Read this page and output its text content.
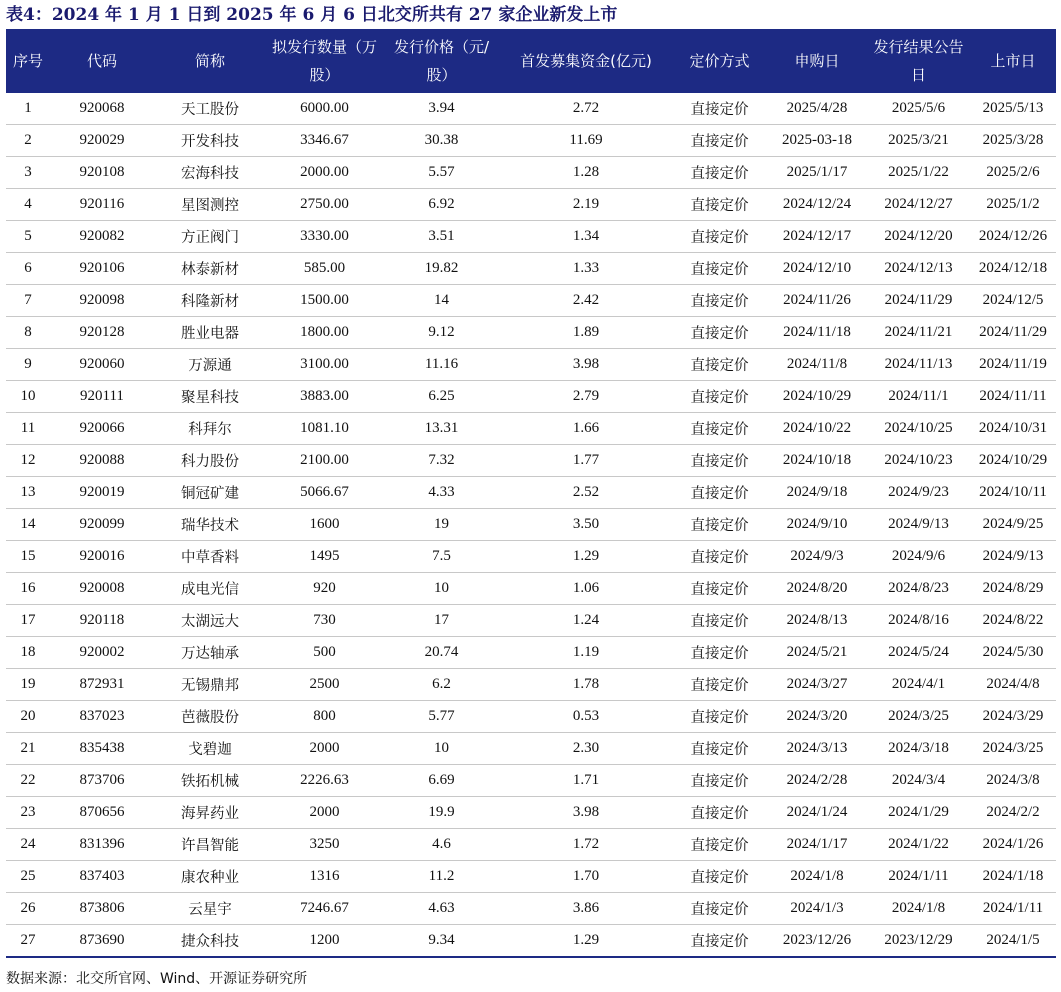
表4：2024 年 1 月 1 日到 2025 年 6 月 6 日北交所共有 27 家企业新发上市
序号	代码	简称	拟发行数量（万股）	发行价格（元/股）	首发募集资金(亿元)	定价方式	申购日	发行结果公告日	上市日
1	920068	天工股份	6000.00	3.94	2.72	直接定价	2025/4/28	2025/5/6	2025/5/13
2	920029	开发科技	3346.67	30.38	11.69	直接定价	2025-03-18	2025/3/21	2025/3/28
3	920108	宏海科技	2000.00	5.57	1.28	直接定价	2025/1/17	2025/1/22	2025/2/6
4	920116	星图测控	2750.00	6.92	2.19	直接定价	2024/12/24	2024/12/27	2025/1/2
5	920082	方正阀门	3330.00	3.51	1.34	直接定价	2024/12/17	2024/12/20	2024/12/26
6	920106	林泰新材	585.00	19.82	1.33	直接定价	2024/12/10	2024/12/13	2024/12/18
7	920098	科隆新材	1500.00	14	2.42	直接定价	2024/11/26	2024/11/29	2024/12/5
8	920128	胜业电器	1800.00	9.12	1.89	直接定价	2024/11/18	2024/11/21	2024/11/29
9	920060	万源通	3100.00	11.16	3.98	直接定价	2024/11/8	2024/11/13	2024/11/19
10	920111	聚星科技	3883.00	6.25	2.79	直接定价	2024/10/29	2024/11/1	2024/11/11
11	920066	科拜尔	1081.10	13.31	1.66	直接定价	2024/10/22	2024/10/25	2024/10/31
12	920088	科力股份	2100.00	7.32	1.77	直接定价	2024/10/18	2024/10/23	2024/10/29
13	920019	铜冠矿建	5066.67	4.33	2.52	直接定价	2024/9/18	2024/9/23	2024/10/11
14	920099	瑞华技术	1600	19	3.50	直接定价	2024/9/10	2024/9/13	2024/9/25
15	920016	中草香料	1495	7.5	1.29	直接定价	2024/9/3	2024/9/6	2024/9/13
16	920008	成电光信	920	10	1.06	直接定价	2024/8/20	2024/8/23	2024/8/29
17	920118	太湖远大	730	17	1.24	直接定价	2024/8/13	2024/8/16	2024/8/22
18	920002	万达轴承	500	20.74	1.19	直接定价	2024/5/21	2024/5/24	2024/5/30
19	872931	无锡鼎邦	2500	6.2	1.78	直接定价	2024/3/27	2024/4/1	2024/4/8
20	837023	芭薇股份	800	5.77	0.53	直接定价	2024/3/20	2024/3/25	2024/3/29
21	835438	戈碧迦	2000	10	2.30	直接定价	2024/3/13	2024/3/18	2024/3/25
22	873706	铁拓机械	2226.63	6.69	1.71	直接定价	2024/2/28	2024/3/4	2024/3/8
23	870656	海昇药业	2000	19.9	3.98	直接定价	2024/1/24	2024/1/29	2024/2/2
24	831396	许昌智能	3250	4.6	1.72	直接定价	2024/1/17	2024/1/22	2024/1/26
25	837403	康农种业	1316	11.2	1.70	直接定价	2024/1/8	2024/1/11	2024/1/18
26	873806	云星宇	7246.67	4.63	3.86	直接定价	2024/1/3	2024/1/8	2024/1/11
27	873690	捷众科技	1200	9.34	1.29	直接定价	2023/12/26	2023/12/29	2024/1/5
数据来源：北交所官网、Wind、开源证券研究所
